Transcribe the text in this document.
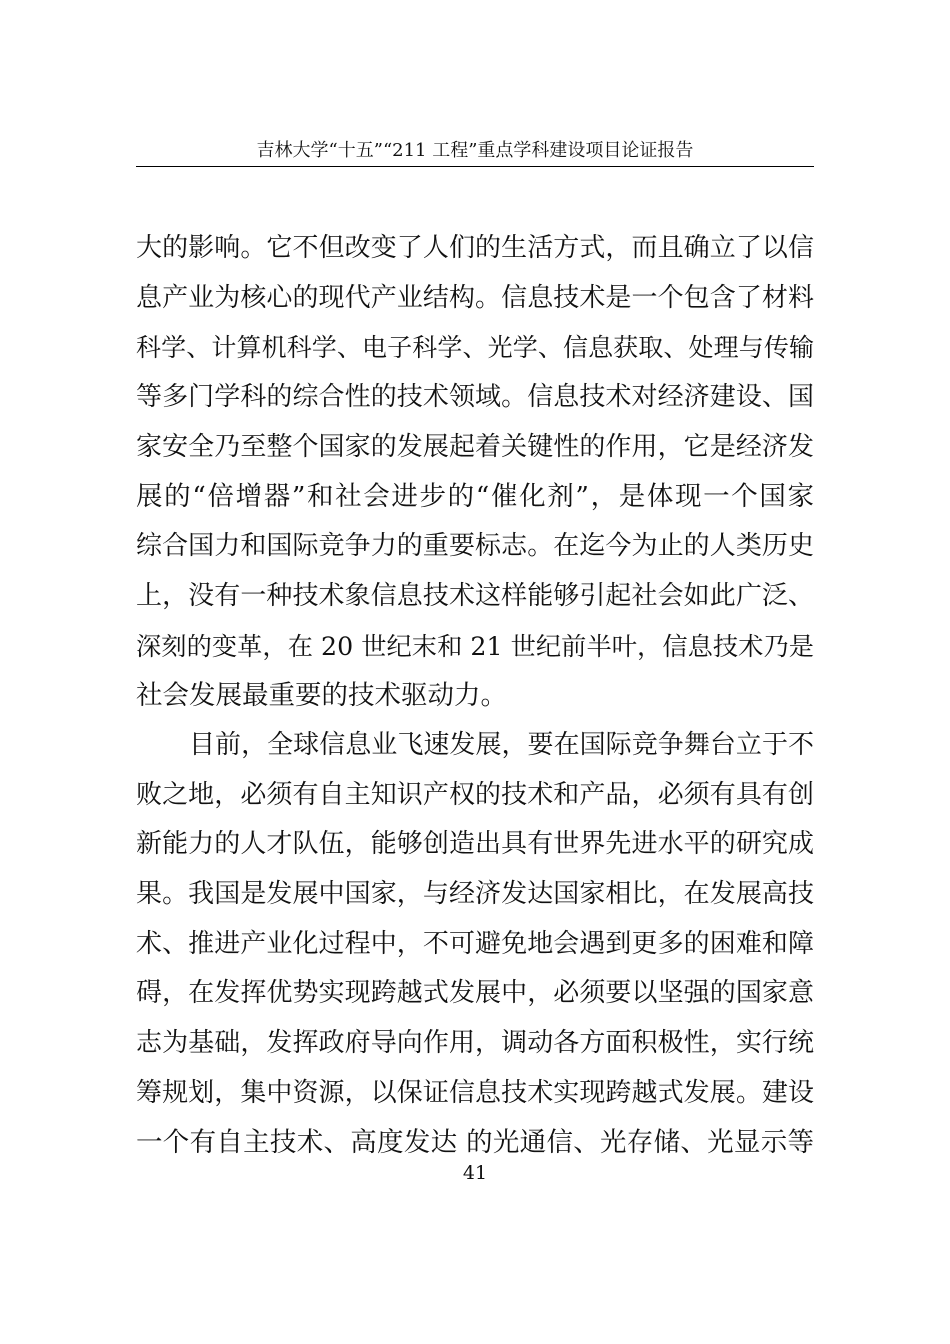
吉林大学“十五”“211 工程”重点学科建设项目论证报告
大的影响。它不但改变了人们的生活方式，而且确立了以信
息产业为核心的现代产业结构。信息技术是一个包含了材料
科学、计算机科学、电子科学、光学、信息获取、处理与传输
等多门学科的综合性的技术领域。信息技术对经济建设、国
家安全乃至整个国家的发展起着关键性的作用，它是经济发
展的“倍增器”和社会进步的“催化剂”，是体现一个国家
综合国力和国际竞争力的重要标志。在迄今为止的人类历史
上，没有一种技术象信息技术这样能够引起社会如此广泛、
深刻的变革，在 20 世纪末和 21 世纪前半叶，信息技术乃是
社会发展最重要的技术驱动力。
目前，全球信息业飞速发展，要在国际竞争舞台立于不
败之地，必须有自主知识产权的技术和产品，必须有具有创
新能力的人才队伍，能够创造出具有世界先进水平的研究成
果。我国是发展中国家，与经济发达国家相比，在发展高技
术、推进产业化过程中，不可避免地会遇到更多的困难和障
碍，在发挥优势实现跨越式发展中，必须要以坚强的国家意
志为基础，发挥政府导向作用，调动各方面积极性，实行统
筹规划，集中资源，以保证信息技术实现跨越式发展。建设
一个有自主技术、高度发达 的光通信、光存储、光显示等
41
